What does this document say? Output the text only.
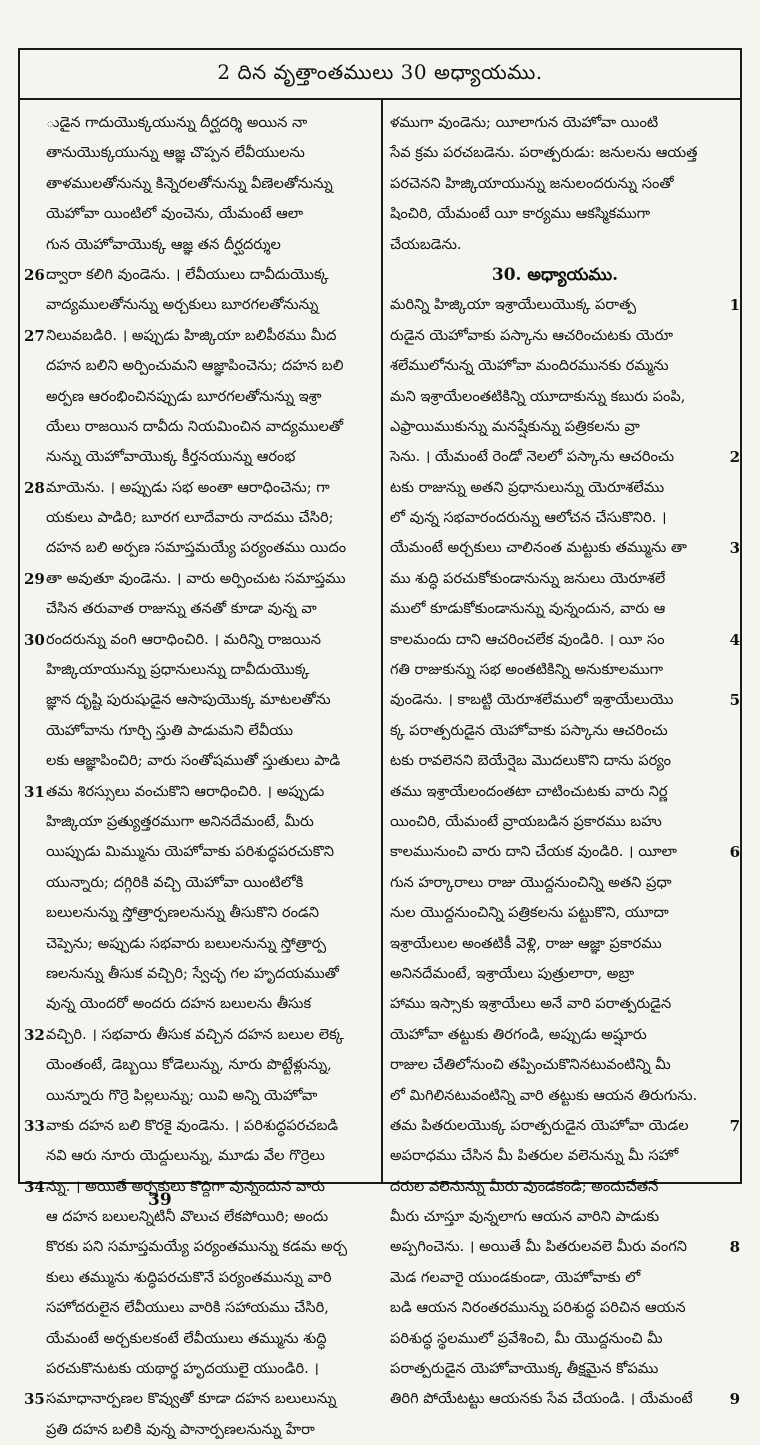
2 దిన వృత్తాంతములు 30 అధ్యాయము.
ుడైన గాదుయొక్కయున్ను దీర్ఘదర్శి అయిన నా
తానుయొక్కయున్ను ఆజ్ఞ చొప్పన లేవీయులను
తాళములతోనున్ను కిన్నెరలతోనున్ను వీణెలతోనున్ను
యెహోవా యింటిలో వుంచెను, యేమంటే ఆలా
గున యెహోవాయొక్క ఆజ్ఞ తన దీర్ఘదర్శుల
26 ద్వారా కలిగి వుండెను. । లేవీయులు దావీదుయొక్క
వాద్యములతోనున్ను అర్చకులు బూరగలతోనున్ను
27 నిలువబడిరి. । అప్పుడు హిజ్కియా బలిపీఠము మీద
దహన బలిని అర్పించుమని ఆజ్ఞాపించెను; దహన బలి
అర్పణ ఆరంభించినప్పుడు బూరగలతోనున్ను ఇశ్రా
యేలు రాజయిన దావీదు నియమించిన వాద్యములతో
నున్ను యెహోవాయొక్క కీర్తనయున్ను ఆరంభ
28 మాయెను. । అప్పుడు సభ అంతా ఆరాధించెను; గా
యకులు పాడిరి; బూరగ లూదేవారు నాదము చేసిరి;
దహన బలి అర్పణ సమాప్తమయ్యే పర్యంతము యిదం
29 తా అవుతూ వుండెను. । వారు అర్పించుట సమాప్తము
చేసిన తరువాత రాజున్ను తనతో కూడా వున్న వా
30 రందరున్ను వంగి ఆరాధించిరి. । మరిన్ని రాజయిన
హిజ్కియాయున్ను ప్రధానులున్ను దావీదుయొక్క
జ్ఞాన దృష్టి పురుషుడైన ఆసాపుయొక్క మాటలతోను
యెహోవాను గూర్చి స్తుతి పాడుమని లేవీయు
లకు ఆజ్ఞాపించిరి; వారు సంతోషముతో స్తుతులు పాడి
31 తమ శిరస్సులు వంచుకొని ఆరాధించిరి. । అప్పుడు
హిజ్కియా ప్రత్యుత్తరముగా అనినదేమంటే, మీరు
యిప్పుడు మిమ్మును యెహోవాకు పరిశుద్ధపరచుకొని
యున్నారు; దగ్గిరికి వచ్చి యెహోవా యింటిలోకి
బలులనున్ను స్తోత్రార్పణలనున్ను తీసుకొని రండని
చెప్పెను; అప్పుడు సభవారు బలులనున్ను స్తోత్రార్ప
ణలనున్ను తీసుక వచ్చిరి; స్వేచ్ఛ గల హృదయముతో
వున్న యెందరో అందరు దహన బలులను తీసుక
32 వచ్చిరి. । సభవారు తీసుక వచ్చిన దహన బలుల లెక్క
యెంతంటే, డెబ్బయి కోడెలున్ను, నూరు పొట్టేళ్లున్ను,
యిన్నూరు గొర్రె పిల్లలున్ను; యివి అన్ని యెహోవా
33 వాకు దహన బలి కొరకై వుండెను. । పరిశుద్ధపరచబడి
నవి ఆరు నూరు యెద్దులున్ను, మూడు వేల గొర్రెలు
34 న్ను. । అయితే అర్చకులు కొద్దిగా వున్నందున వారు
ఆ దహన బలులన్నిటినీ వొలుచ లేకపోయిరి; అందు
కొరకు పని సమాప్తమయ్యే పర్యంతమున్ను కడమ అర్చ
కులు తమ్మును శుద్ధిపరచుకొనే పర్యంతమున్ను వారి
సహోదరులైన లేవీయులు వారికి సహాయము చేసిరి,
యేమంటే అర్చకులకంటే లేవీయులు తమ్మును శుద్ధి
పరచుకొనుటకు యథార్థ హృదయులై యుండిరి. ।
35 సమాధానార్పణల కొవ్వుతో కూడా దహన బలులున్ను
ప్రతి దహన బలికి వున్న పానార్పణలనున్ను హేరా
ళముగా వుండెను; యీలాగున యెహోవా యింటి
సేవ క్రమ పరచబడెను. పరాత్పరుడు: జనులను ఆయత్త
పరచెనని హిజ్కియాయున్ను జనులందరున్ను సంతో
షించిరి, యేమంటే యీ కార్యము ఆకస్మికముగా
చేయబడెను.
30. అధ్యాయము.
1
మరిన్ని హిజ్కియా ఇశ్రాయేలుయొక్క పరాత్ప
రుడైన యెహోవాకు పస్కాను ఆచరించుటకు యెరూ
శలేములోనున్న యెహోవా మందిరమునకు రమ్మను
మని ఇశ్రాయేలంతటికిన్ని యూదాకున్ను కబురు పంపి,
ఎఫ్రాయిముకున్ను మనష్షేకున్ను పత్రికలను వ్రా
2
సెను. । యేమంటే రెండో నెలలో పస్కాను ఆచరించు
టకు రాజున్ను అతని ప్రధానులున్ను యెరూశలేము
లో వున్న సభవారందరున్ను ఆలోచన చేసుకొనిరి. ।
3
యేమంటే అర్చకులు చాలినంత మట్టుకు తమ్మును తా
ము శుద్ధి పరచుకోకుండానున్ను జనులు యెరూశలే
ములో కూడుకోకుండానున్ను వున్నందున, వారు ఆ
4
కాలమందు దాని ఆచరించలేక వుండిరి. । యీ సం
గతి రాజుకున్ను సభ అంతటికిన్ని అనుకూలముగా
5
వుండెను. । కాబట్టి యెరూశలేములో ఇశ్రాయేలుయొ
క్క పరాత్పరుడైన యెహోవాకు పస్కాను ఆచరించు
టకు రావలెనని బెయేర్షెబ మొదలుకొని దాను పర్యం
తము ఇశ్రాయేలందంతటా చాటించుటకు వారు నిర్ణ
యించిరి, యేమంటే వ్రాయబడిన ప్రకారము బహు
6
కాలమునుంచి వారు దాని చేయక వుండిరి. । యీలా
గున హర్కారాలు రాజు యొద్దనుంచిన్ని అతని ప్రధా
నుల యొద్దనుంచిన్ని పత్రికలను పట్టుకొని, యూదా
ఇశ్రాయేలుల అంతటికీ వెళ్లి, రాజు ఆజ్ఞా ప్రకారము
అనినదేమంటే, ఇశ్రాయేలు పుత్రులారా, అబ్రా
హాము ఇస్సాకు ఇశ్రాయేలు అనే వారి పరాత్పరుడైన
యెహోవా తట్టుకు తిరగండి, అప్పుడు అష్షూరు
రాజుల చేతిలోనుంచి తప్పించుకొనినటువంటిన్ని మీ
లో మిగిలినటువంటిన్ని వారి తట్టుకు ఆయన తిరుగును.
7
తమ పితరులయొక్క పరాత్పరుడైన యెహోవా యెడల
అపరాధము చేసిన మీ పితరుల వలెనున్ను మీ సహో
దరుల వలెనున్ను మీరు వుండకండి; అందుచేతనే
మీరు చూస్తూ వున్నలాగు ఆయన వారిని పాడుకు
8
అప్పగించెను. । అయితే మీ పితరులవలె మీరు వంగని
మెడ గలవారై యుండకుండా, యెహోవాకు లో
బడి ఆయన నిరంతరమున్ను పరిశుద్ధ పరిచిన ఆయన
పరిశుద్ధ స్థలములో ప్రవేశించి, మీ యొద్దనుంచి మీ
పరాత్పరుడైన యెహోవాయొక్క తీక్షమైన కోపము
9
తిరిగి పోయేటట్టు ఆయనకు సేవ చేయండి. । యేమంటే
39
